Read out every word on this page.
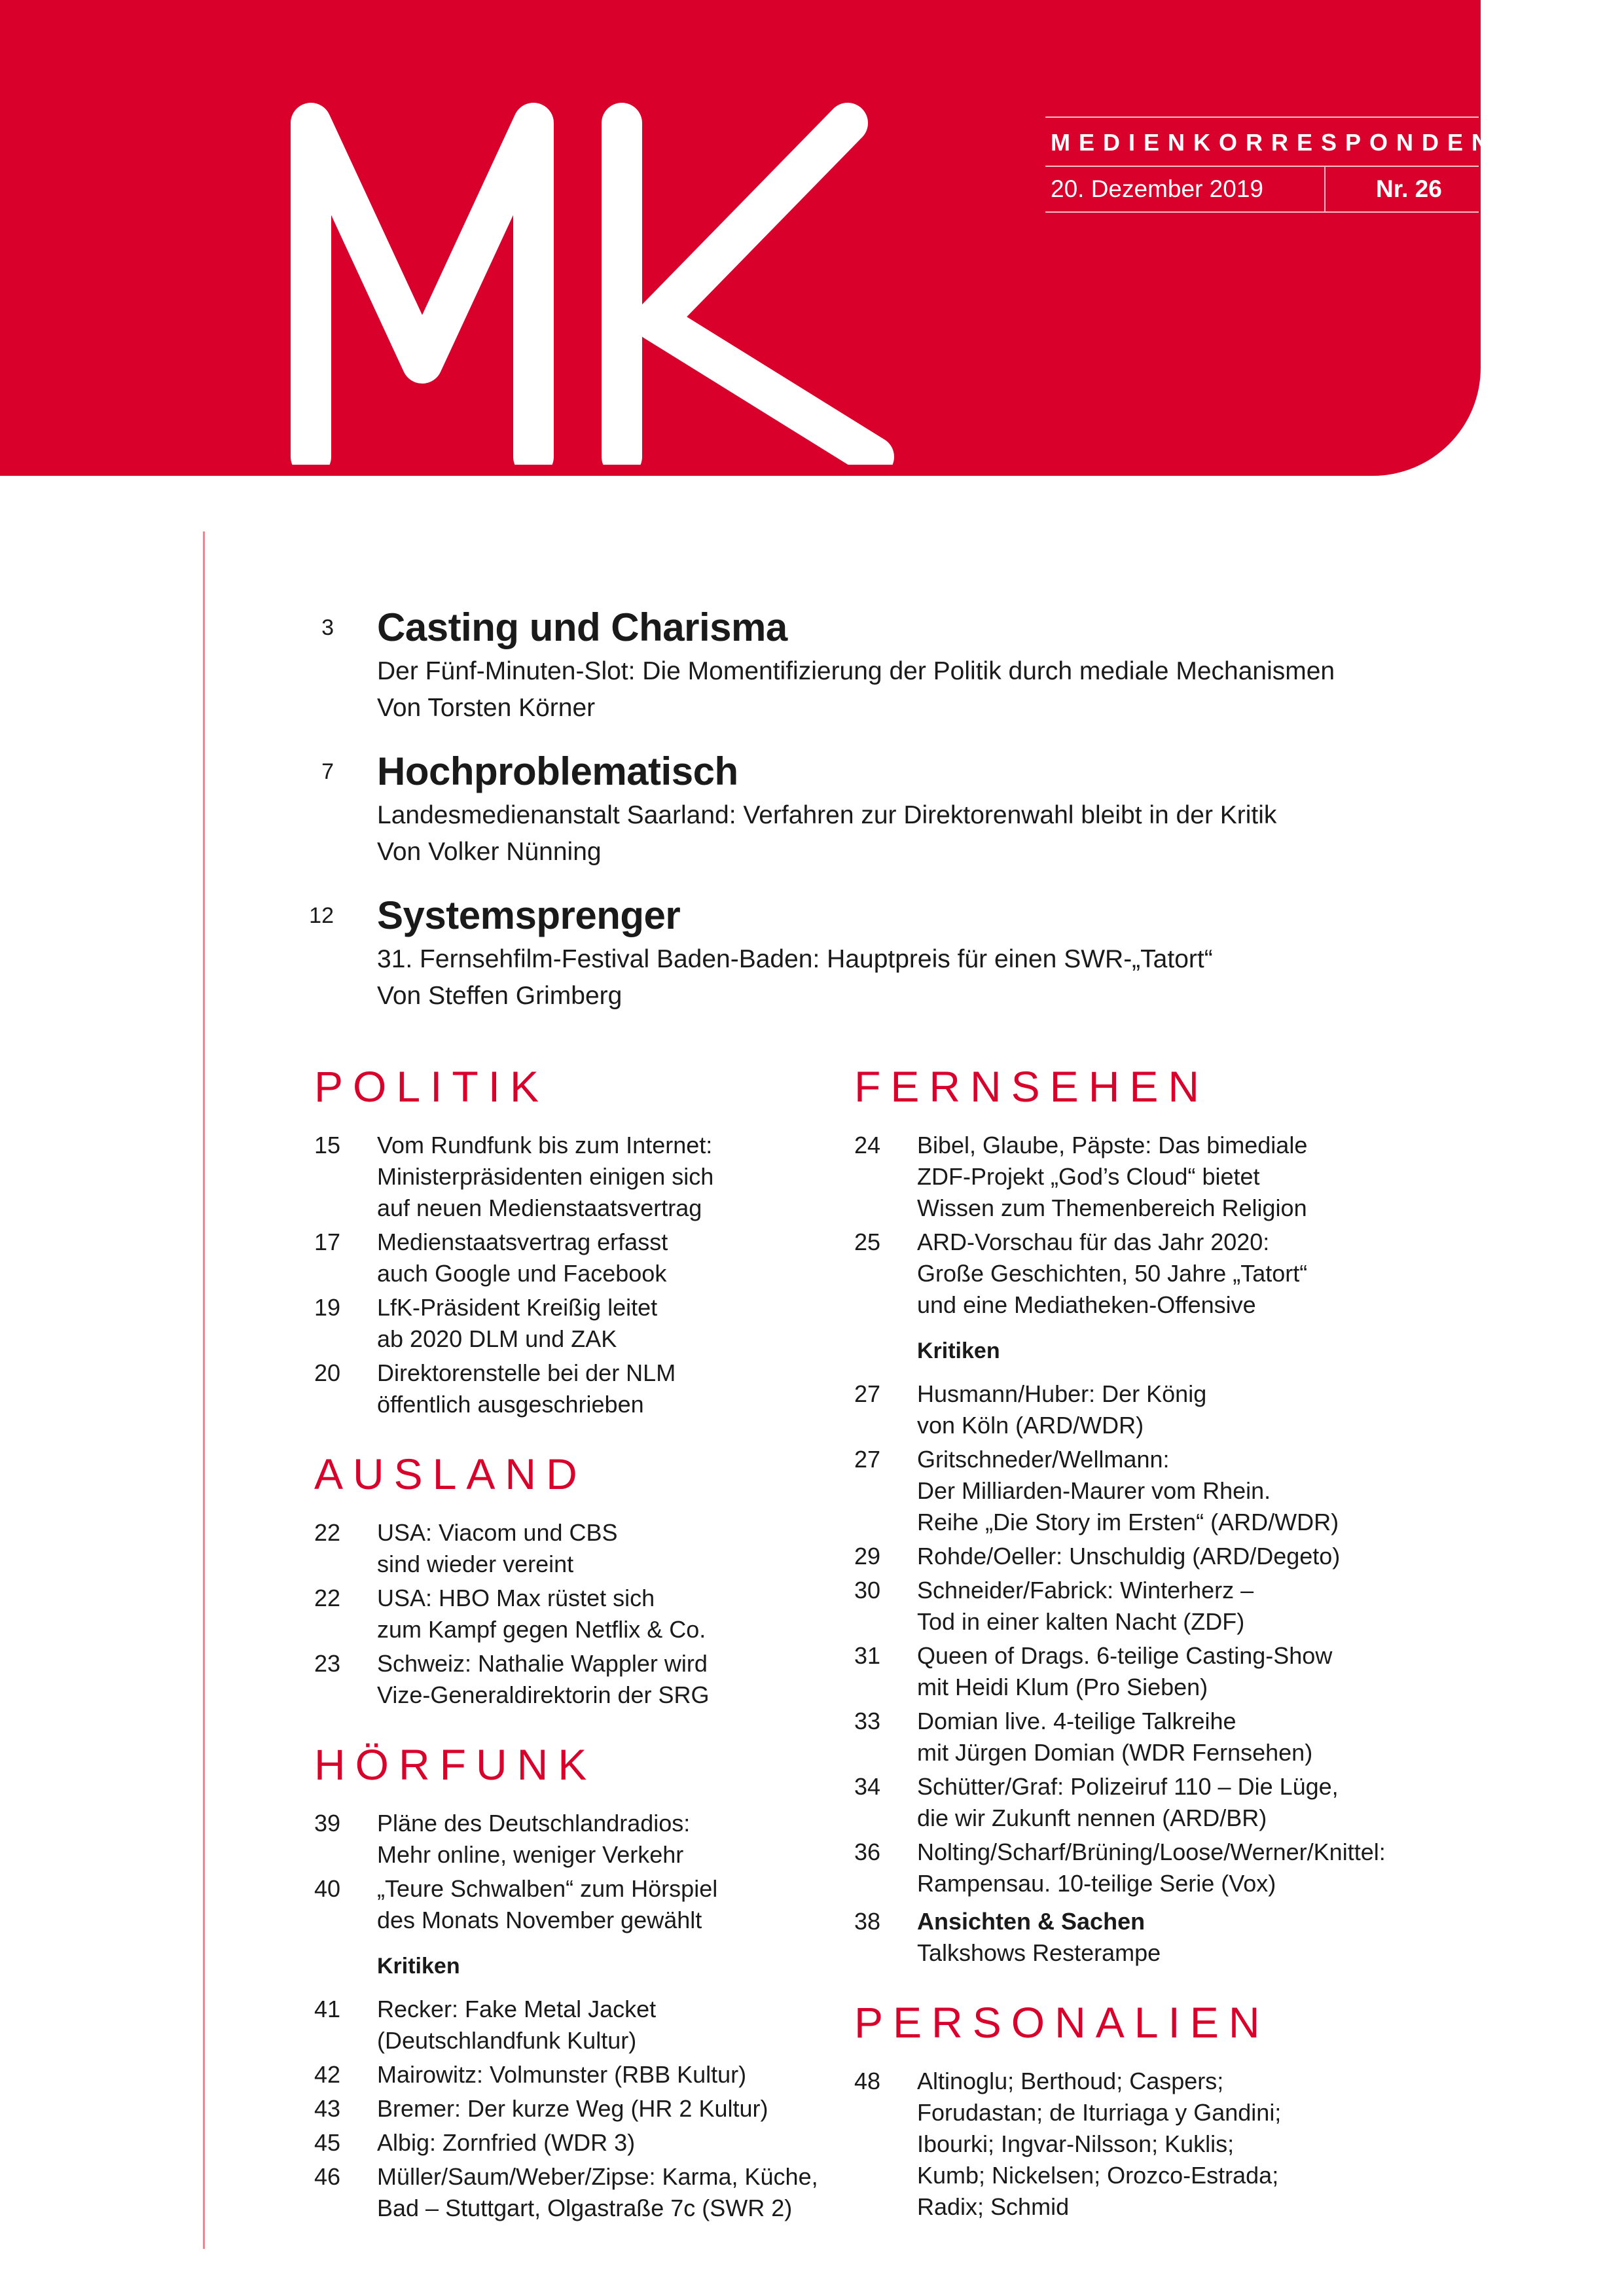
MK
MEDIENKORRESPONDENZ
20. Dezember 2019	Nr. 26
3 Casting und Charisma
Der Fünf-Minuten-Slot: Die Momentifizierung der Politik durch mediale Mechanismen
Von Torsten Körner
7 Hochproblematisch
Landesmedienanstalt Saarland: Verfahren zur Direktorenwahl bleibt in der Kritik
Von Volker Nünning
12 Systemsprenger
31. Fernsehfilm-Festival Baden-Baden: Hauptpreis für einen SWR-„Tatort“
Von Steffen Grimberg
POLITIK
15 Vom Rundfunk bis zum Internet:
Ministerpräsidenten einigen sich
auf neuen Medienstaatsvertrag
17 Medienstaatsvertrag erfasst
auch Google und Facebook
19 LfK-Präsident Kreißig leitet
ab 2020 DLM und ZAK
20 Direktorenstelle bei der NLM
öffentlich ausgeschrieben
AUSLAND
22 USA: Viacom und CBS
sind wieder vereint
22 USA: HBO Max rüstet sich
zum Kampf gegen Netflix & Co.
23 Schweiz: Nathalie Wappler wird
Vize-Generaldirektorin der SRG
HÖRFUNK
39 Pläne des Deutschlandradios:
Mehr online, weniger Verkehr
40 „Teure Schwalben“ zum Hörspiel
des Monats November gewählt
Kritiken
41 Recker: Fake Metal Jacket
(Deutschlandfunk Kultur)
42 Mairowitz: Volmunster (RBB Kultur)
43 Bremer: Der kurze Weg (HR 2 Kultur)
45 Albig: Zornfried (WDR 3)
46 Müller/Saum/Weber/Zipse: Karma, Küche,
Bad – Stuttgart, Olgastraße 7c (SWR 2)
FERNSEHEN
24 Bibel, Glaube, Päpste: Das bimediale
ZDF-Projekt „God’s Cloud“ bietet
Wissen zum Themenbereich Religion
25 ARD-Vorschau für das Jahr 2020:
Große Geschichten, 50 Jahre „Tatort“
und eine Mediatheken-Offensive
Kritiken
27 Husmann/Huber: Der König
von Köln (ARD/WDR)
27 Gritschneder/Wellmann:
Der Milliarden-Maurer vom Rhein.
Reihe „Die Story im Ersten“ (ARD/WDR)
29 Rohde/Oeller: Unschuldig (ARD/Degeto)
30 Schneider/Fabrick: Winterherz –
Tod in einer kalten Nacht (ZDF)
31 Queen of Drags. 6-teilige Casting-Show
mit Heidi Klum (Pro Sieben)
33 Domian live. 4-teilige Talkreihe
mit Jürgen Domian (WDR Fernsehen)
34 Schütter/Graf: Polizeiruf 110 – Die Lüge,
die wir Zukunft nennen (ARD/BR)
36 Nolting/Scharf/Brüning/Loose/Werner/Knittel:
Rampensau. 10-teilige Serie (Vox)
38 Ansichten & Sachen
Talkshows Resterampe
PERSONALIEN
48 Altinoglu; Berthoud; Caspers;
Forudastan; de Iturriaga y Gandini;
Ibourki; Ingvar-Nilsson; Kuklis;
Kumb; Nickelsen; Orozco-Estrada;
Radix; Schmid
